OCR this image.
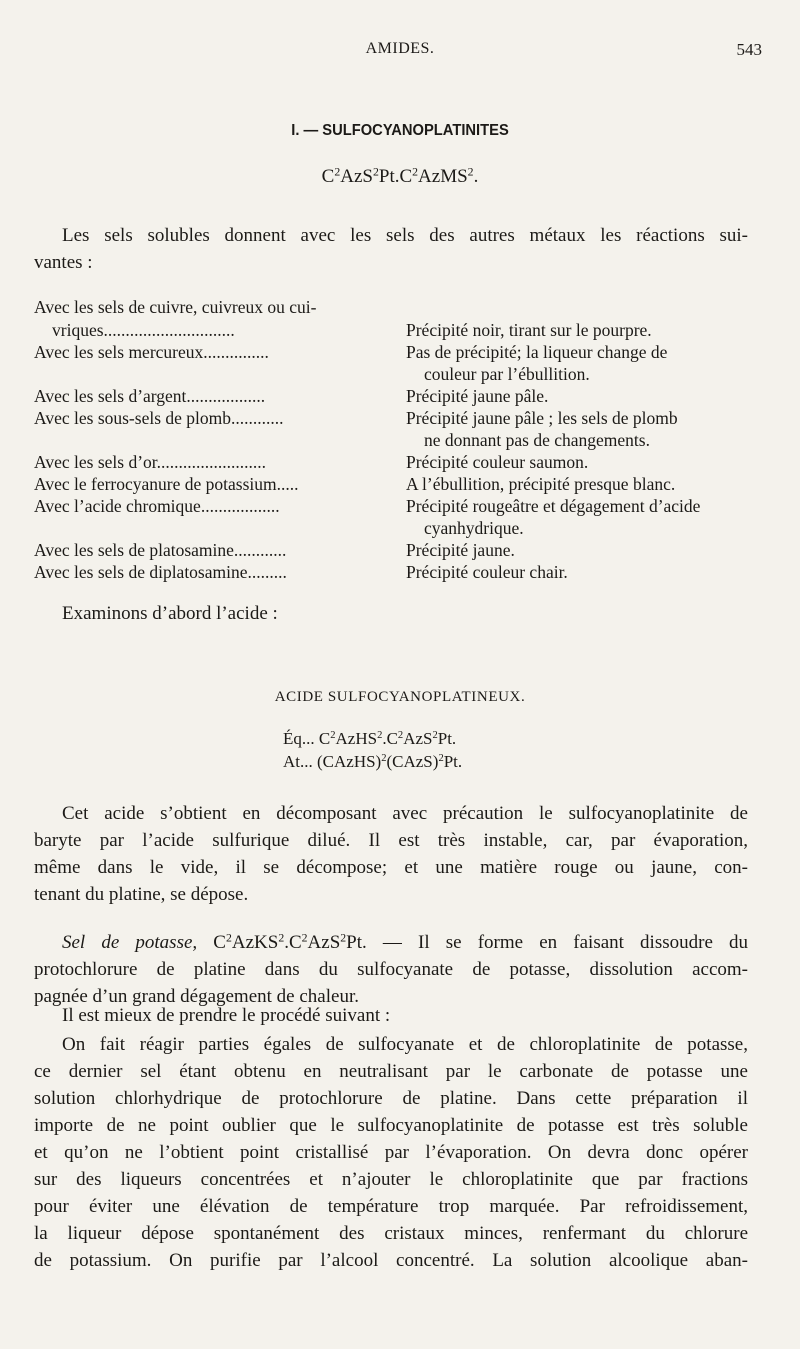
AMIDES.	543
I. — SULFOCYANOPLATINITES
$C^2AzS^2Pt.C^2AzMS^2$.
Les sels solubles donnent avec les sels des autres métaux les réactions sui-
vantes :
Avec les sels de cuivre, cuivreux ou cui-
vriques..............................	Précipité noir, tirant sur le pourpre.
Avec les sels mercureux...............	Pas de précipité; la liqueur change de
couleur par l’ébullition.
Avec les sels d’argent..................	Précipité jaune pâle.
Avec les sous-sels de plomb............	Précipité jaune pâle ; les sels de plomb
ne donnant pas de changements.
Avec les sels d’or.........................	Précipité couleur saumon.
Avec le ferrocyanure de potassium.....	A l’ébullition, précipité presque blanc.
Avec l’acide chromique..................	Précipité rougeâtre et dégagement d’acide
cyanhydrique.
Avec les sels de platosamine............	Précipité jaune.
Avec les sels de diplatosamine.........	Précipité couleur chair.
Examinons d’abord l’acide :
ACIDE SULFOCYANOPLATINEUX.
Éq... $C^2AzHS^2.C^2AzS^2Pt$.
At... (CAzHS)$^2$(CAzS)$^2$Pt.
Cet acide s’obtient en décomposant avec précaution le sulfocyanoplatinite de
baryte par l’acide sulfurique dilué. Il est très instable, car, par évaporation,
même dans le vide, il se décompose; et une matière rouge ou jaune, con-
tenant du platine, se dépose.
Sel de potasse, $C^2AzKS^2.C^2AzS^2Pt$. — Il se forme en faisant dissoudre du
protochlorure de platine dans du sulfocyanate de potasse, dissolution accom-
pagnée d’un grand dégagement de chaleur.
Il est mieux de prendre le procédé suivant :
On fait réagir parties égales de sulfocyanate et de chloroplatinite de potasse,
ce dernier sel étant obtenu en neutralisant par le carbonate de potasse une
solution chlorhydrique de protochlorure de platine. Dans cette préparation il
importe de ne point oublier que le sulfocyanoplatinite de potasse est très soluble
et qu’on ne l’obtient point cristallisé par l’évaporation. On devra donc opérer
sur des liqueurs concentrées et n’ajouter le chloroplatinite que par fractions
pour éviter une élévation de température trop marquée. Par refroidissement,
la liqueur dépose spontanément des cristaux minces, renfermant du chlorure
de potassium. On purifie par l’alcool concentré. La solution alcoolique aban-
